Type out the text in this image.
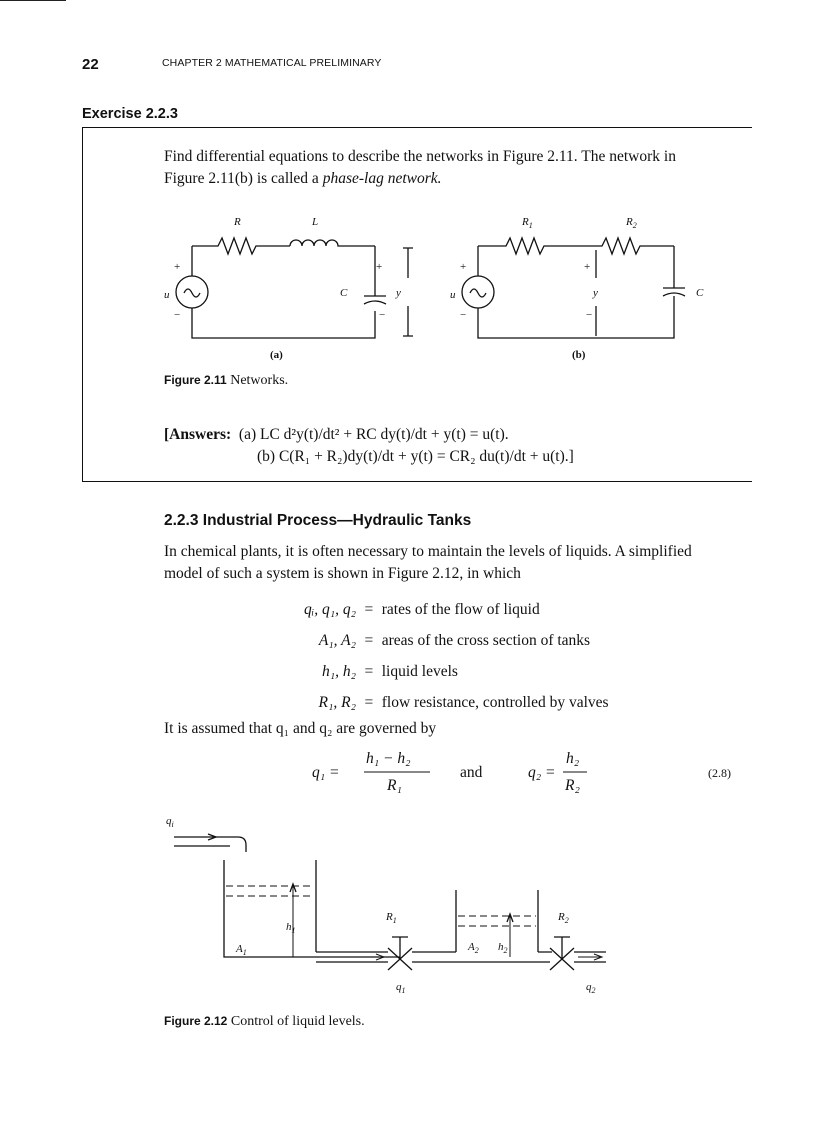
22	CHAPTER 2 MATHEMATICAL PRELIMINARY
Exercise 2.2.3
Find differential equations to describe the networks in Figure 2.11. The network in
Figure 2.11(b) is called a phase-lag network.
R	L
+
u
−
C
+
y
−
(a)
$R_1$	$R_2$
+
u
−
+
y
−
C
(b)
Figure 2.11 Networks.
[Answers: (a) LC d²y(t)/dt² + RC dy(t)/dt + y(t) = u(t).
(b) C(R₁ + R₂)dy(t)/dt + y(t) = CR₂ du(t)/dt + u(t).]
2.2.3 Industrial Process—Hydraulic Tanks
In chemical plants, it is often necessary to maintain the levels of liquids. A simplified
model of such a system is shown in Figure 2.12, in which
qᵢ, q₁, q₂ = rates of the flow of liquid
A₁, A₂ = areas of the cross section of tanks
h₁, h₂ = liquid levels
R₁, R₂ = flow resistance, controlled by valves
It is assumed that q₁ and q₂ are governed by
q₁ =
h₁ − h₂
R₁
and	q₂ =
h₂
R₂
(2.8)
$q_i$
$h_1$
$A_1$
$R_1$
$A_2$ $h_2$
$R_2$
$q_1$	$q_2$
Figure 2.12 Control of liquid levels.
